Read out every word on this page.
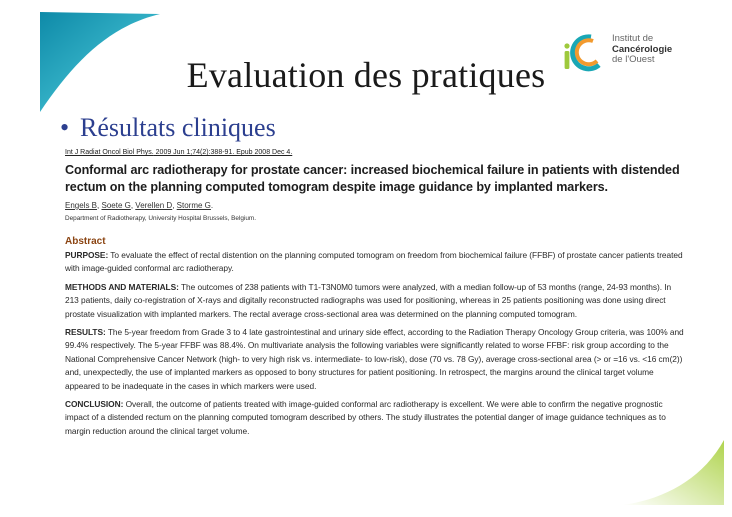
Institut de
Cancérologie
de l'Ouest
Evaluation des pratiques
• Résultats cliniques
Int J Radiat Oncol Biol Phys. 2009 Jun 1;74(2):388-91. Epub 2008 Dec 4.
Conformal arc radiotherapy for prostate cancer: increased biochemical failure in patients with distended rectum on the planning computed tomogram despite image guidance by implanted markers.
Engels B, Soete G, Verellen D, Storme G.
Department of Radiotherapy, University Hospital Brussels, Belgium.
Abstract
PURPOSE: To evaluate the effect of rectal distention on the planning computed tomogram on freedom from biochemical failure (FFBF) of prostate cancer patients treated with image-guided conformal arc radiotherapy.
METHODS AND MATERIALS: The outcomes of 238 patients with T1-T3N0M0 tumors were analyzed, with a median follow-up of 53 months (range, 24-93 months). In 213 patients, daily co-registration of X-rays and digitally reconstructed radiographs was used for positioning, whereas in 25 patients positioning was done using direct prostate visualization with implanted markers. The rectal average cross-sectional area was determined on the planning computed tomogram.
RESULTS: The 5-year freedom from Grade 3 to 4 late gastrointestinal and urinary side effect, according to the Radiation Therapy Oncology Group criteria, was 100% and 99.4% respectively. The 5-year FFBF was 88.4%. On multivariate analysis the following variables were significantly related to worse FFBF: risk group according to the National Comprehensive Cancer Network (high- to very high risk vs. intermediate- to low-risk), dose (70 vs. 78 Gy), average cross-sectional area (> or =16 vs. <16 cm(2)) and, unexpectedly, the use of implanted markers as opposed to bony structures for patient positioning. In retrospect, the margins around the clinical target volume appeared to be inadequate in the cases in which markers were used.
CONCLUSION: Overall, the outcome of patients treated with image-guided conformal arc radiotherapy is excellent. We were able to confirm the negative prognostic impact of a distended rectum on the planning computed tomogram described by others. The study illustrates the potential danger of image guidance techniques as to margin reduction around the clinical target volume.
